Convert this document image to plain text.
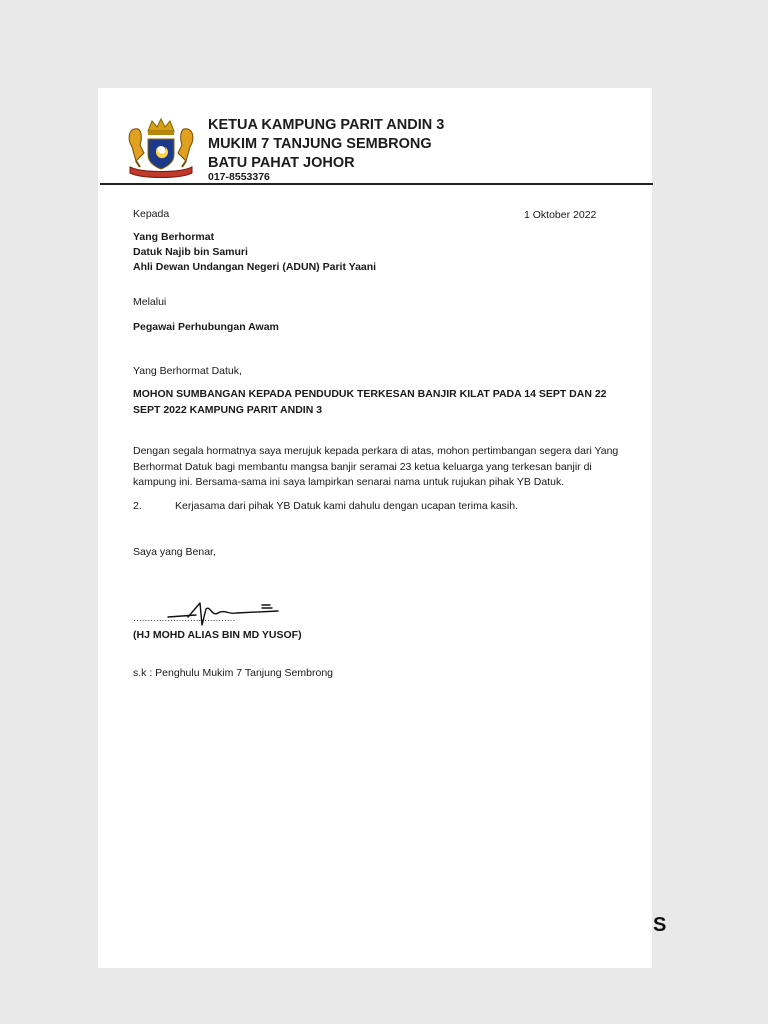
KETUA KAMPUNG PARIT ANDIN 3
MUKIM 7 TANJUNG SEMBRONG
BATU PAHAT JOHOR
017-8553376
Kepada	1 Oktober 2022
Yang Berhormat
Datuk Najib bin Samuri
Ahli Dewan Undangan Negeri (ADUN) Parit Yaani
Melalui
Pegawai Perhubungan Awam
Yang Berhormat Datuk,
MOHON SUMBANGAN KEPADA PENDUDUK TERKESAN BANJIR KILAT PADA 14 SEPT DAN 22 SEPT 2022 KAMPUNG PARIT ANDIN 3
Dengan segala hormatnya saya merujuk kepada perkara di atas, mohon pertimbangan segera dari Yang Berhormat Datuk bagi membantu mangsa banjir seramai 23 ketua keluarga yang terkesan banjir di kampung ini. Bersama-sama ini saya lampirkan senarai nama untuk rujukan pihak YB Datuk.
2.	Kerjasama dari pihak YB Datuk kami dahulu dengan ucapan terima kasih.
Saya yang Benar,
………………………………
(HJ MOHD ALIAS BIN MD YUSOF)
s.k : Penghulu Mukim 7 Tanjung Sembrong
S
